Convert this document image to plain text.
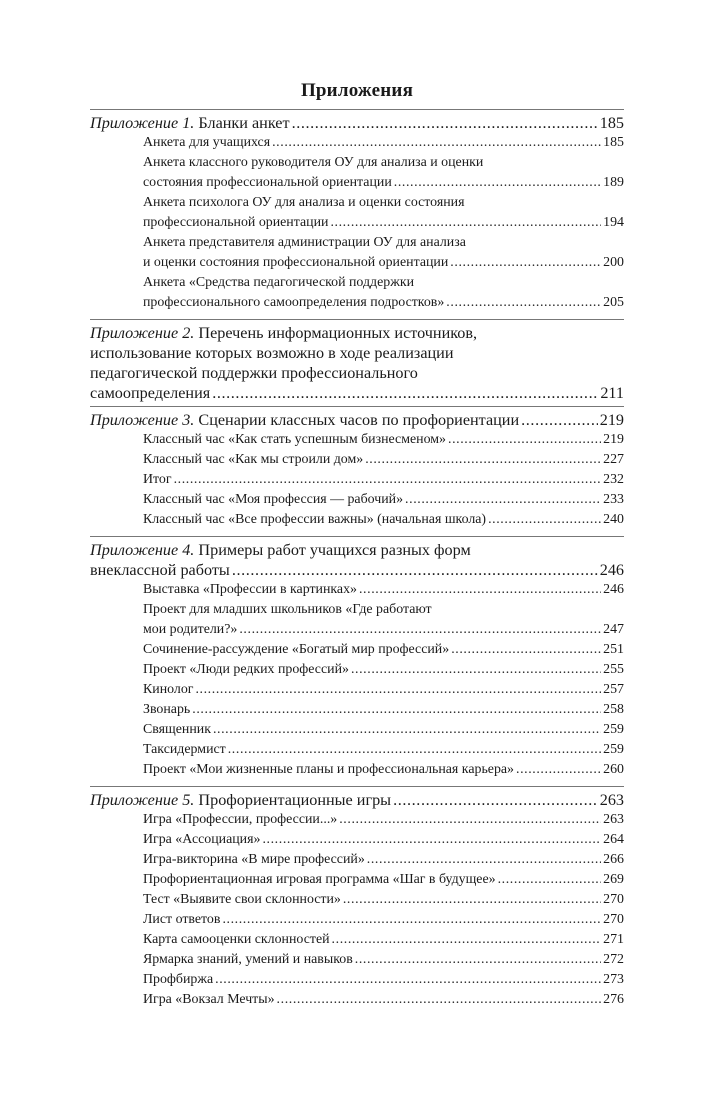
Приложения
Приложение 1. Бланки анкет .....	185
Анкета для учащихся .....	185
Анкета классного руководителя ОУ для анализа и оценки
состояния профессиональной ориентации .....	189
Анкета психолога ОУ для анализа и оценки состояния
профессиональной ориентации .....	194
Анкета представителя администрации ОУ для анализа
и оценки состояния профессиональной ориентации .....	200
Анкета «Средства педагогической поддержки
профессионального самоопределения подростков» .....	205
Приложение 2. Перечень информационных источников,
использование которых возможно в ходе реализации
педагогической поддержки профессионального
самоопределения .....	211
Приложение 3. Сценарии классных часов по профориентации .....	219
Классный час «Как стать успешным бизнесменом» .....	219
Классный час «Как мы строили дом» .....	227
Итог .....	232
Классный час «Моя профессия — рабочий» .....	233
Классный час «Все профессии важны» (начальная школа) .....	240
Приложение 4. Примеры работ учащихся разных форм
внеклассной работы .....	246
Выставка «Профессии в картинках» .....	246
Проект для младших школьников «Где работают
мои родители?» .....	247
Сочинение-рассуждение «Богатый мир профессий» .....	251
Проект «Люди редких профессий» .....	255
Кинолог .....	257
Звонарь .....	258
Священник .....	259
Таксидермист .....	259
Проект «Мои жизненные планы и профессиональная карьера» .....	260
Приложение 5. Профориентационные игры .....	263
Игра «Профессии, профессии...» .....	263
Игра «Ассоциация» .....	264
Игра-викторина «В мире профессий» .....	266
Профориентационная игровая программа «Шаг в будущее» .....	269
Тест «Выявите свои склонности» .....	270
Лист ответов .....	270
Карта самооценки склонностей .....	271
Ярмарка знаний, умений и навыков .....	272
Профбиржа .....	273
Игра «Вокзал Мечты» .....	276
